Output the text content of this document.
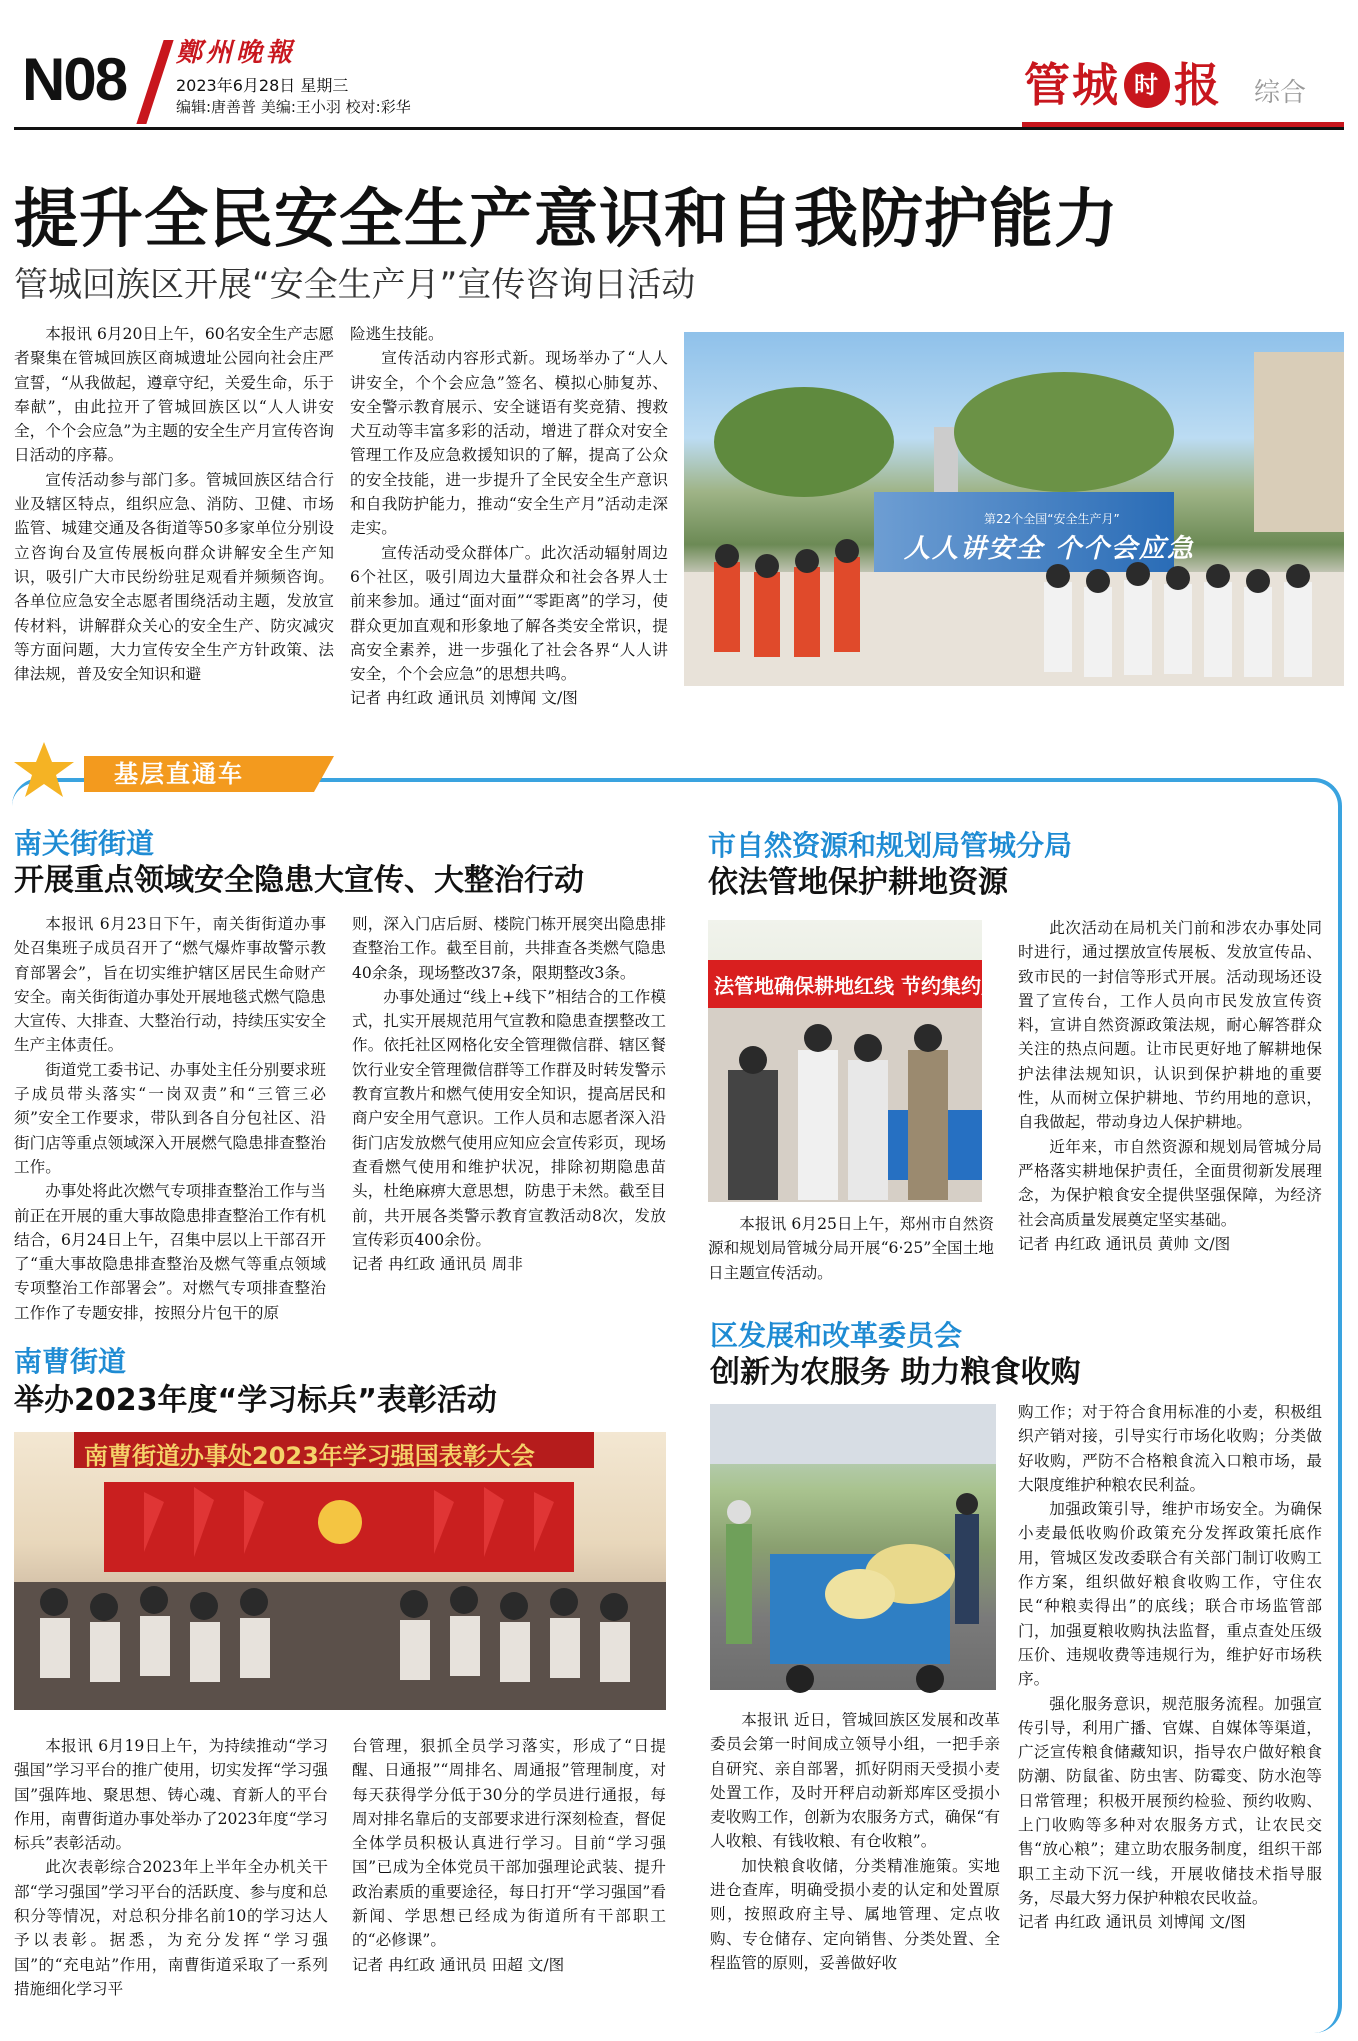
N08 鄭州晚報
2023年6月28日 星期三
编辑:唐善普 美编:王小羽 校对:彩华	管城 时 报 综合
提升全民安全生产意识和自我防护能力
管城回族区开展“安全生产月”宣传咨询日活动

本报讯 6月20日上午，60名安全生产志愿者聚集在管城回族区商城遗址公园向社会庄严宣誓，“从我做起，遵章守纪，关爱生命，乐于奉献”，由此拉开了管城回族区以“人人讲安全，个个会应急”为主题的安全生产月宣传咨询日活动的序幕。

宣传活动参与部门多。管城回族区结合行业及辖区特点，组织应急、消防、卫健、市场监管、城建交通及各街道等50多家单位分别设立咨询台及宣传展板向群众讲解安全生产知识，吸引广大市民纷纷驻足观看并频频咨询。各单位应急安全志愿者围绕活动主题，发放宣传材料，讲解群众关心的安全生产、防灾减灾等方面问题，大力宣传安全生产方针政策、法律法规，普及安全知识和避

险逃生技能。

宣传活动内容形式新。现场举办了“人人讲安全，个个会应急”签名、模拟心肺复苏、安全警示教育展示、安全谜语有奖竞猜、搜救犬互动等丰富多彩的活动，增进了群众对安全管理工作及应急救援知识的了解，提高了公众的安全技能，进一步提升了全民安全生产意识和自我防护能力，推动“安全生产月”活动走深走实。

宣传活动受众群体广。此次活动辐射周边6个社区，吸引周边大量群众和社会各界人士前来参加。通过“面对面”“零距离”的学习，使群众更加直观和形象地了解各类安全常识，提高安全素养，进一步强化了社会各界“人人讲安全，个个会应急”的思想共鸣。

记者 冉红政 通讯员 刘博闻 文/图

第22个全国“安全生产月”
人人讲安全 个个会应急
基层直通车
南关街街道
开展重点领域安全隐患大宣传、大整治行动

本报讯 6月23日下午，南关街街道办事处召集班子成员召开了“燃气爆炸事故警示教育部署会”，旨在切实维护辖区居民生命财产安全。南关街街道办事处开展地毯式燃气隐患大宣传、大排查、大整治行动，持续压实安全生产主体责任。

街道党工委书记、办事处主任分别要求班子成员带头落实“一岗双责”和“三管三必须”安全工作要求，带队到各自分包社区、沿街门店等重点领域深入开展燃气隐患排查整治工作。

办事处将此次燃气专项排查整治工作与当前正在开展的重大事故隐患排查整治工作有机结合，6月24日上午，召集中层以上干部召开了“重大事故隐患排查整治及燃气等重点领域专项整治工作部署会”。对燃气专项排查整治工作作了专题安排，按照分片包干的原

则，深入门店后厨、楼院门栋开展突出隐患排查整治工作。截至目前，共排查各类燃气隐患40余条，现场整改37条，限期整改3条。

办事处通过“线上+线下”相结合的工作模式，扎实开展规范用气宣教和隐患查摆整改工作。依托社区网格化安全管理微信群、辖区餐饮行业安全管理微信群等工作群及时转发警示教育宣教片和燃气使用安全知识，提高居民和商户安全用气意识。工作人员和志愿者深入沿街门店发放燃气使用应知应会宣传彩页，现场查看燃气使用和维护状况，排除初期隐患苗头，杜绝麻痹大意思想，防患于未然。截至目前，共开展各类警示教育宣教活动8次，发放宣传彩页400余份。

记者 冉红政 通讯员 周非

市自然资源和规划局管城分局
依法管地保护耕地资源
法管地确保耕地红线 节约集约用地

本报讯 6月25日上午，郑州市自然资源和规划局管城分局开展“6·25”全国土地日主题宣传活动。

此次活动在局机关门前和涉农办事处同时进行，通过摆放宣传展板、发放宣传品、致市民的一封信等形式开展。活动现场还设置了宣传台，工作人员向市民发放宣传资料，宣讲自然资源政策法规，耐心解答群众关注的热点问题。让市民更好地了解耕地保护法律法规知识，认识到保护耕地的重要性，从而树立保护耕地、节约用地的意识，自我做起，带动身边人保护耕地。

近年来，市自然资源和规划局管城分局严格落实耕地保护责任，全面贯彻新发展理念，为保护粮食安全提供坚强保障，为经济社会高质量发展奠定坚实基础。

记者 冉红政 通讯员 黄帅 文/图

南曹街道
举办2023年度“学习标兵”表彰活动
南曹街道办事处2023年学习强国表彰大会

本报讯 6月19日上午，为持续推动“学习强国”学习平台的推广使用，切实发挥“学习强国”强阵地、聚思想、铸心魂、育新人的平台作用，南曹街道办事处举办了2023年度“学习标兵”表彰活动。

此次表彰综合2023年上半年全办机关干部“学习强国”学习平台的活跃度、参与度和总积分等情况，对总积分排名前10的学习达人予以表彰。据悉，为充分发挥“学习强国”的“充电站”作用，南曹街道采取了一系列措施细化学习平

台管理，狠抓全员学习落实，形成了“日提醒、日通报”“周排名、周通报”管理制度，对每天获得学分低于30分的学员进行通报，每周对排名靠后的支部要求进行深刻检查，督促全体学员积极认真进行学习。目前“学习强国”已成为全体党员干部加强理论武装、提升政治素质的重要途径，每日打开“学习强国”看新闻、学思想已经成为街道所有干部职工的“必修课”。

记者 冉红政 通讯员 田超 文/图

区发展和改革委员会
创新为农服务 助力粮食收购

购工作；对于符合食用标准的小麦，积极组织产销对接，引导实行市场化收购；分类做好收购，严防不合格粮食流入口粮市场，最大限度维护种粮农民利益。

加强政策引导，维护市场安全。为确保小麦最低收购价政策充分发挥政策托底作用，管城区发改委联合有关部门制订收购工作方案，组织做好粮食收购工作，守住农民“种粮卖得出”的底线；联合市场监管部门，加强夏粮收购执法监督，重点查处压级压价、违规收费等违规行为，维护好市场秩序。

强化服务意识，规范服务流程。加强宣传引导，利用广播、官媒、自媒体等渠道，广泛宣传粮食储藏知识，指导农户做好粮食防潮、防鼠雀、防虫害、防霉变、防水泡等日常管理；积极开展预约检验、预约收购、上门收购等多种对农服务方式，让农民交售“放心粮”；建立助农服务制度，组织干部职工主动下沉一线，开展收储技术指导服务，尽最大努力保护种粮农民收益。

记者 冉红政 通讯员 刘博闻 文/图

本报讯 近日，管城回族区发展和改革委员会第一时间成立领导小组，一把手亲自研究、亲自部署，抓好阴雨天受损小麦处置工作，及时开秤启动新郑库区受损小麦收购工作，创新为农服务方式，确保“有人收粮、有钱收粮、有仓收粮”。

加快粮食收储，分类精准施策。实地进仓查库，明确受损小麦的认定和处置原则，按照政府主导、属地管理、定点收购、专仓储存、定向销售、分类处置、全程监管的原则，妥善做好收
